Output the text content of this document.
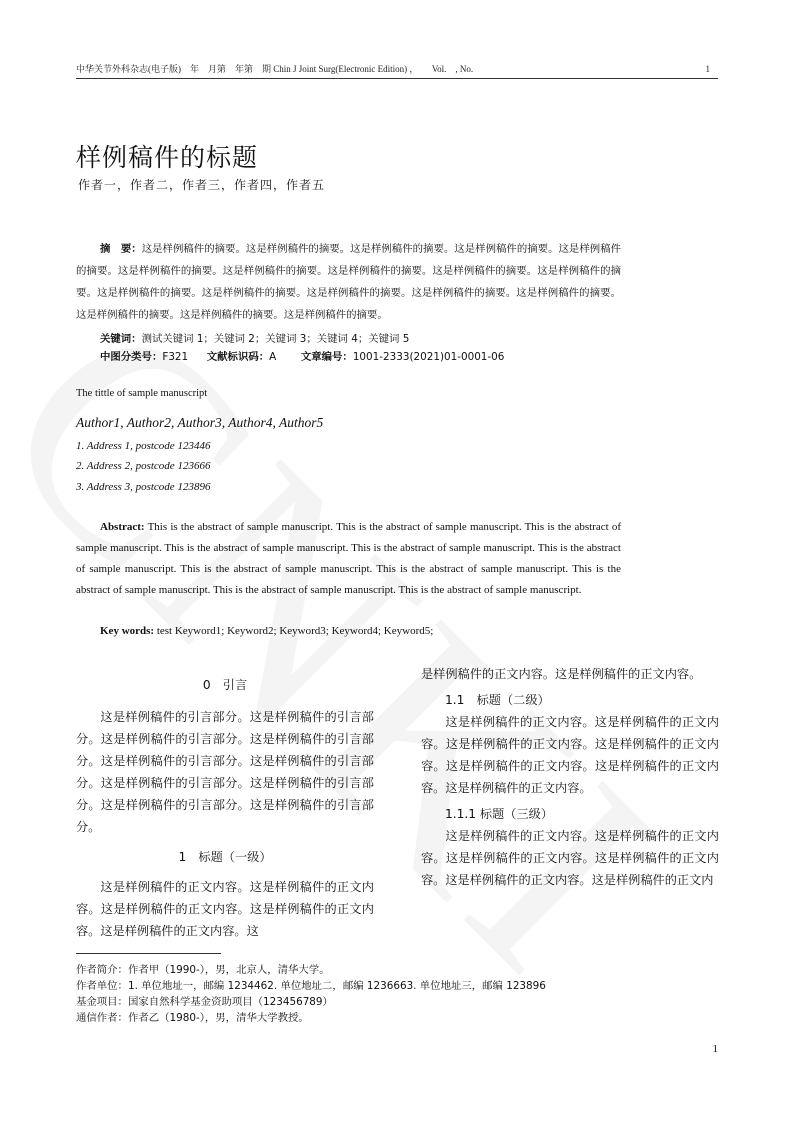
中华关节外科杂志(电子版)　年　月第　年第　期 Chin J Joint Surg(Electronic Edition) ，　　Vol.　, No.	1
样例稿件的标题
作者一，作者二，作者三，作者四，作者五
摘　要：这是样例稿件的摘要。这是样例稿件的摘要。这是样例稿件的摘要。这是样例稿件的摘要。这是样例稿件的摘要。这是样例稿件的摘要。这是样例稿件的摘要。这是样例稿件的摘要。这是样例稿件的摘要。这是样例稿件的摘要。这是样例稿件的摘要。这是样例稿件的摘要。这是样例稿件的摘要。这是样例稿件的摘要。这是样例稿件的摘要。这是样例稿件的摘要。这是样例稿件的摘要。这是样例稿件的摘要。
关键词：测试关键词 1；关键词 2；关键词 3；关键词 4；关键词 5
中图分类号：F321 文献标识码：A 文章编号：1001-2333(2021)01-0001-06
The tittle of sample manuscript
Author1, Author2, Author3, Author4, Author5
1. Address 1, postcode 123446
2. Address 2, postcode 123666
3. Address 3, postcode 123896
Abstract: This is the abstract of sample manuscript. This is the abstract of sample manuscript. This is the abstract of sample manuscript. This is the abstract of sample manuscript. This is the abstract of sample manuscript. This is the abstract of sample manuscript. This is the abstract of sample manuscript. This is the abstract of sample manuscript. This is the abstract of sample manuscript. This is the abstract of sample manuscript. This is the abstract of sample manuscript.
Key words: test Keyword1; Keyword2; Keyword3; Keyword4; Keyword5;

0　引言

这是样例稿件的引言部分。这是样例稿件的引言部分。这是样例稿件的引言部分。这是样例稿件的引言部分。这是样例稿件的引言部分。这是样例稿件的引言部分。这是样例稿件的引言部分。这是样例稿件的引言部分。这是样例稿件的引言部分。这是样例稿件的引言部分。

1　标题（一级）

这是样例稿件的正文内容。这是样例稿件的正文内容。这是样例稿件的正文内容。这是样例稿件的正文内容。这是样例稿件的正文内容。这

是样例稿件的正文内容。这是样例稿件的正文内容。

1.1　标题（二级）

这是样例稿件的正文内容。这是样例稿件的正文内容。这是样例稿件的正文内容。这是样例稿件的正文内容。这是样例稿件的正文内容。这是样例稿件的正文内容。这是样例稿件的正文内容。

1.1.1 标题（三级）

这是样例稿件的正文内容。这是样例稿件的正文内容。这是样例稿件的正文内容。这是样例稿件的正文内容。这是样例稿件的正文内容。这是样例稿件的正文内

作者简介：作者甲（1990-），男，北京人，清华大学。
作者单位：1. 单位地址一，邮编 1234462. 单位地址二，邮编 1236663. 单位地址三，邮编 123896
基金项目：国家自然科学基金资助项目（123456789）
通信作者：作者乙（1980-），男，清华大学教授。
1
